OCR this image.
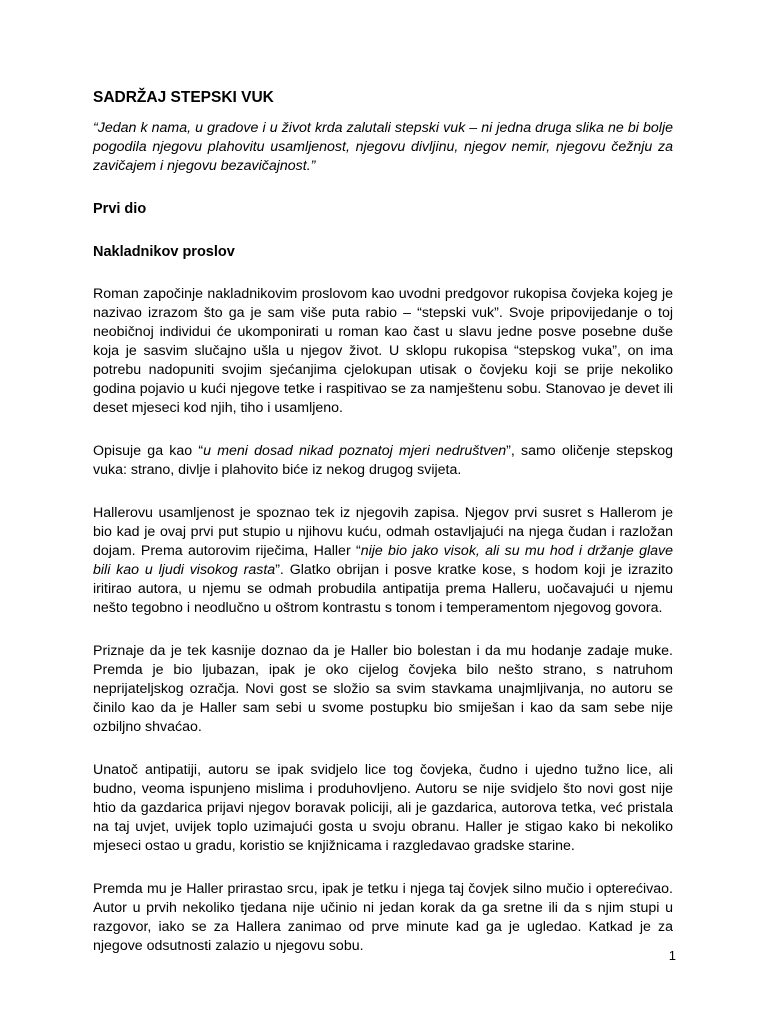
SADRŽAJ STEPSKI VUK

“Jedan k nama, u gradove i u život krda zalutali stepski vuk – ni jedna druga slika ne bi bolje pogodila njegovu plahovitu usamljenost, njegovu divljinu, njegov nemir, njegovu čežnju za zavičajem i njegovu bezavičajnost.”

Prvi dio
Nakladnikov proslov

Roman započinje nakladnikovim proslovom kao uvodni predgovor rukopisa čovjeka kojeg je nazivao izrazom što ga je sam više puta rabio – “stepski vuk”. Svoje pripovijedanje o toj neobičnoj individui će ukomponirati u roman kao čast u slavu jedne posve posebne duše koja je sasvim slučajno ušla u njegov život. U sklopu rukopisa “stepskog vuka”, on ima potrebu nadopuniti svojim sjećanjima cjelokupan utisak o čovjeku koji se prije nekoliko godina pojavio u kući njegove tetke i raspitivao se za namještenu sobu. Stanovao je devet ili deset mjeseci kod njih, tiho i usamljeno.

Opisuje ga kao “u meni dosad nikad poznatoj mjeri nedruštven”, samo oličenje stepskog vuka: strano, divlje i plahovito biće iz nekog drugog svijeta.

Hallerovu usamljenost je spoznao tek iz njegovih zapisa. Njegov prvi susret s Hallerom je bio kad je ovaj prvi put stupio u njihovu kuću, odmah ostavljajući na njega čudan i razložan dojam. Prema autorovim riječima, Haller “nije bio jako visok, ali su mu hod i držanje glave bili kao u ljudi visokog rasta”. Glatko obrijan i posve kratke kose, s hodom koji je izrazito iritirao autora, u njemu se odmah probudila antipatija prema Halleru, uočavajući u njemu nešto tegobno i neodlučno u oštrom kontrastu s tonom i temperamentom njegovog govora.

Priznaje da je tek kasnije doznao da je Haller bio bolestan i da mu hodanje zadaje muke. Premda je bio ljubazan, ipak je oko cijelog čovjeka bilo nešto strano, s natruhom neprijateljskog ozračja. Novi gost se složio sa svim stavkama unajmljivanja, no autoru se činilo kao da je Haller sam sebi u svome postupku bio smiješan i kao da sam sebe nije ozbiljno shvaćao.

Unatoč antipatiji, autoru se ipak svidjelo lice tog čovjeka, čudno i ujedno tužno lice, ali budno, veoma ispunjeno mislima i produhovljeno. Autoru se nije svidjelo što novi gost nije htio da gazdarica prijavi njegov boravak policiji, ali je gazdarica, autorova tetka, već pristala na taj uvjet, uvijek toplo uzimajući gosta u svoju obranu. Haller je stigao kako bi nekoliko mjeseci ostao u gradu, koristio se knjižnicama i razgledavao gradske starine.

Premda mu je Haller prirastao srcu, ipak je tetku i njega taj čovjek silno mučio i opterećivao. Autor u prvih nekoliko tjedana nije učinio ni jedan korak da ga sretne ili da s njim stupi u razgovor, iako se za Hallera zanimao od prve minute kad ga je ugledao. Katkad je za njegove odsutnosti zalazio u njegovu sobu.

1
